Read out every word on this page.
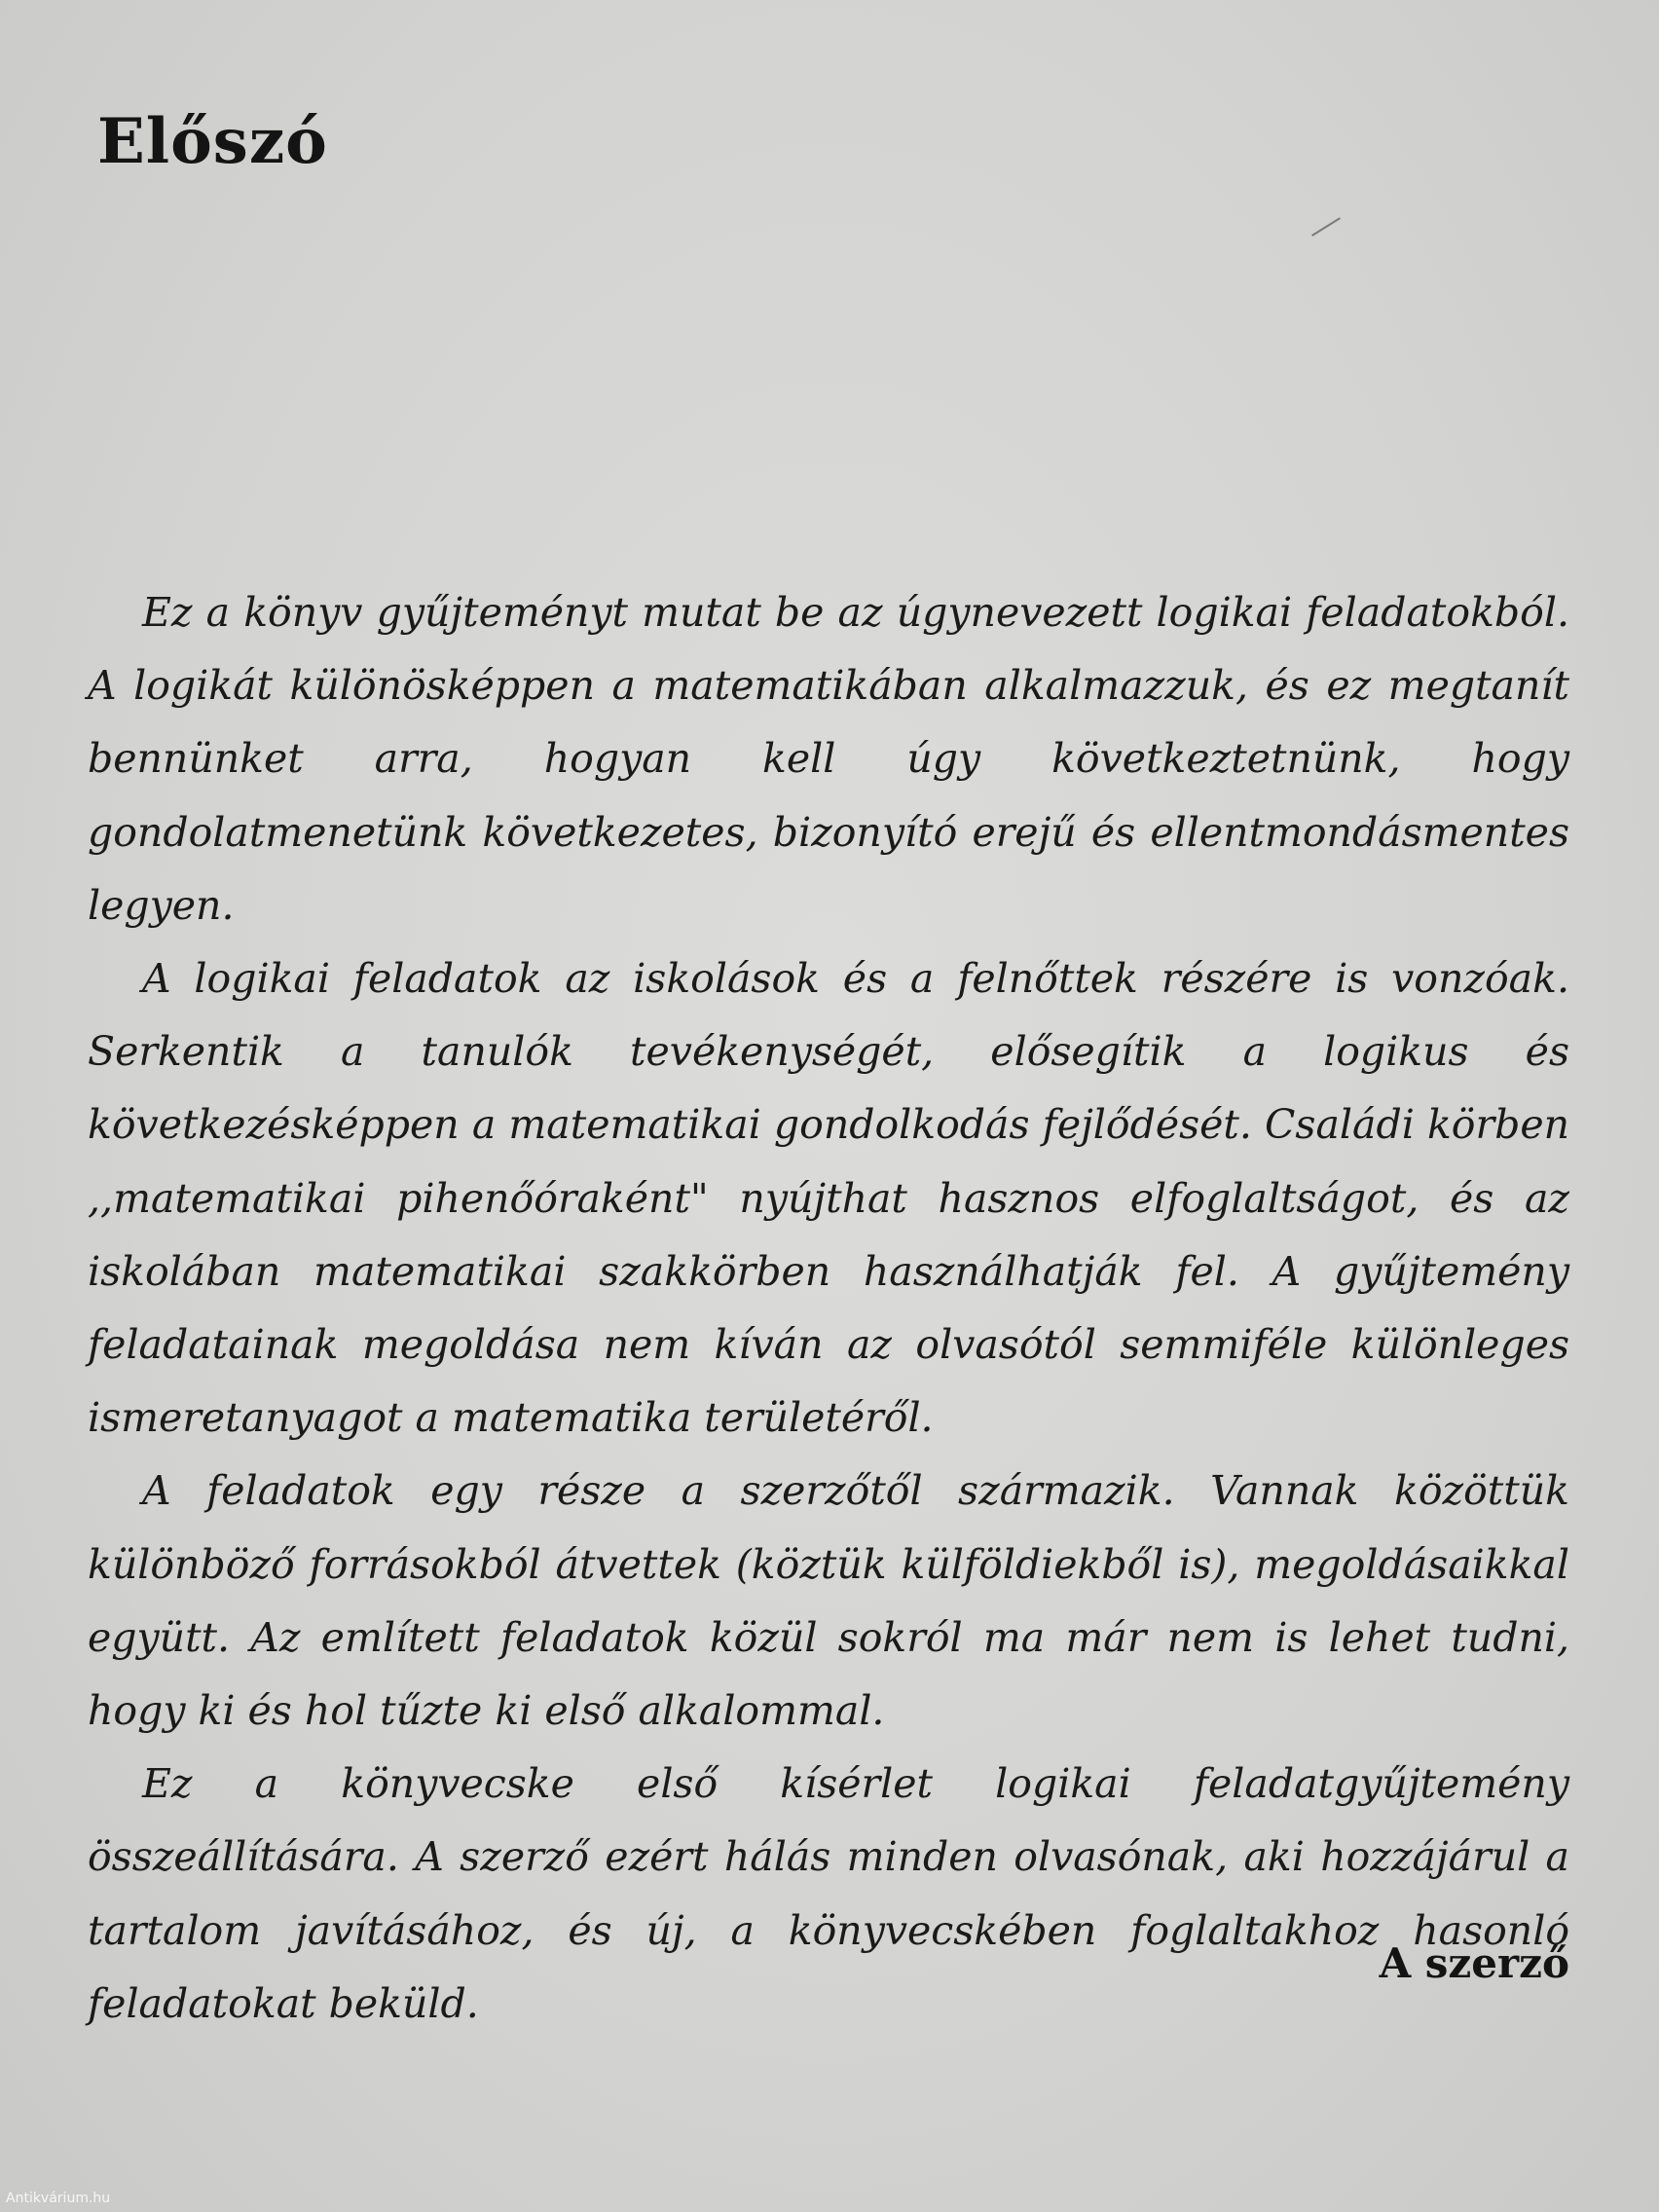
Előszó

Ez a könyv gyűjteményt mutat be az úgynevezett logikai feladatokból. A logikát különösképpen a matematikában alkalmazzuk, és ez megtanít bennünket arra, hogyan kell úgy következtetnünk, hogy gondolatmenetünk következetes, bizonyító erejű és ellentmondásmentes legyen.

A logikai feladatok az iskolások és a felnőttek részére is vonzóak. Serkentik a tanulók tevékenységét, elősegítik a logikus és következésképpen a matematikai gondolkodás fejlődését. Családi körben ,,matematikai pihenőóraként" nyújthat hasznos elfoglaltságot, és az iskolában matematikai szakkörben használhatják fel. A gyűjtemény feladatainak megoldása nem kíván az olvasótól semmiféle különleges ismeretanyagot a matematika területéről.

A feladatok egy része a szerzőtől származik. Vannak közöttük különböző forrásokból átvettek (köztük külföldiekből is), megoldásaikkal együtt. Az említett feladatok közül sokról ma már nem is lehet tudni, hogy ki és hol tűzte ki első alkalommal.

Ez a könyvecske első kísérlet logikai feladatgyűjtemény összeállítására. A szerző ezért hálás minden olvasónak, aki hozzájárul a tartalom javításához, és új, a könyvecskében foglaltakhoz hasonló feladatokat beküld.

A szerző

Antikvárium.hu
